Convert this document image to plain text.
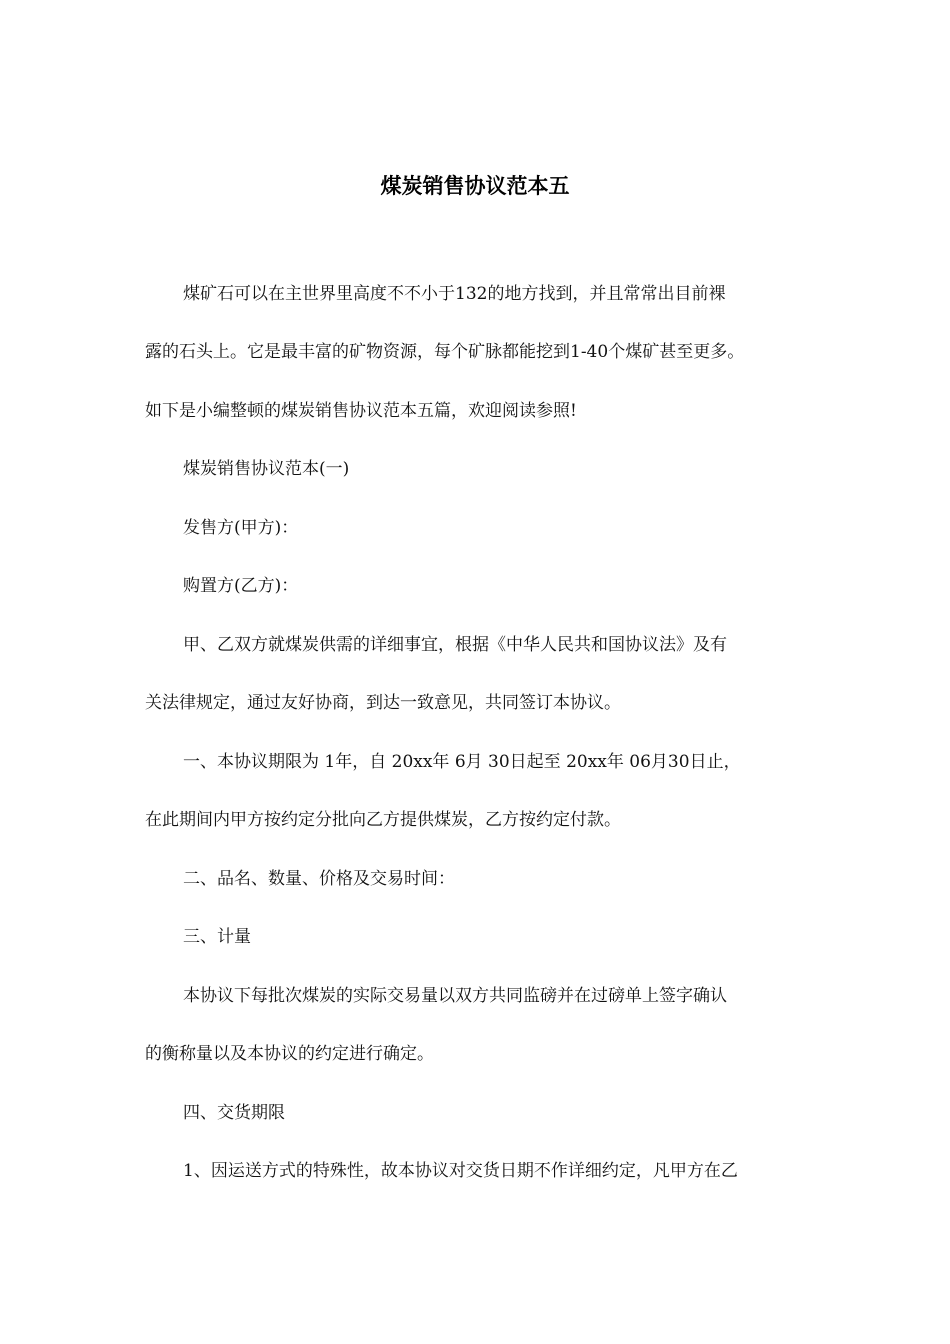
煤炭销售协议范本五

煤矿石可以在主世界里高度不不小于132的地方找到，并且常常出目前裸

露的石头上。它是最丰富的矿物资源，每个矿脉都能挖到1-40个煤矿甚至更多。

如下是小编整顿的煤炭销售协议范本五篇，欢迎阅读参照!

煤炭销售协议范本(一)

发售方(甲方)：

购置方(乙方)：

甲、乙双方就煤炭供需的详细事宜，根据《中华人民共和国协议法》及有

关法律规定，通过友好协商，到达一致意见，共同签订本协议。

一、本协议期限为 1年，自 20xx年 6月 30日起至 20xx年 06月30日止，

在此期间内甲方按约定分批向乙方提供煤炭，乙方按约定付款。

二、品名、数量、价格及交易时间：

三、计量

本协议下每批次煤炭的实际交易量以双方共同监磅并在过磅单上签字确认

的衡称量以及本协议的约定进行确定。

四、交货期限

1、因运送方式的特殊性，故本协议对交货日期不作详细约定，凡甲方在乙
